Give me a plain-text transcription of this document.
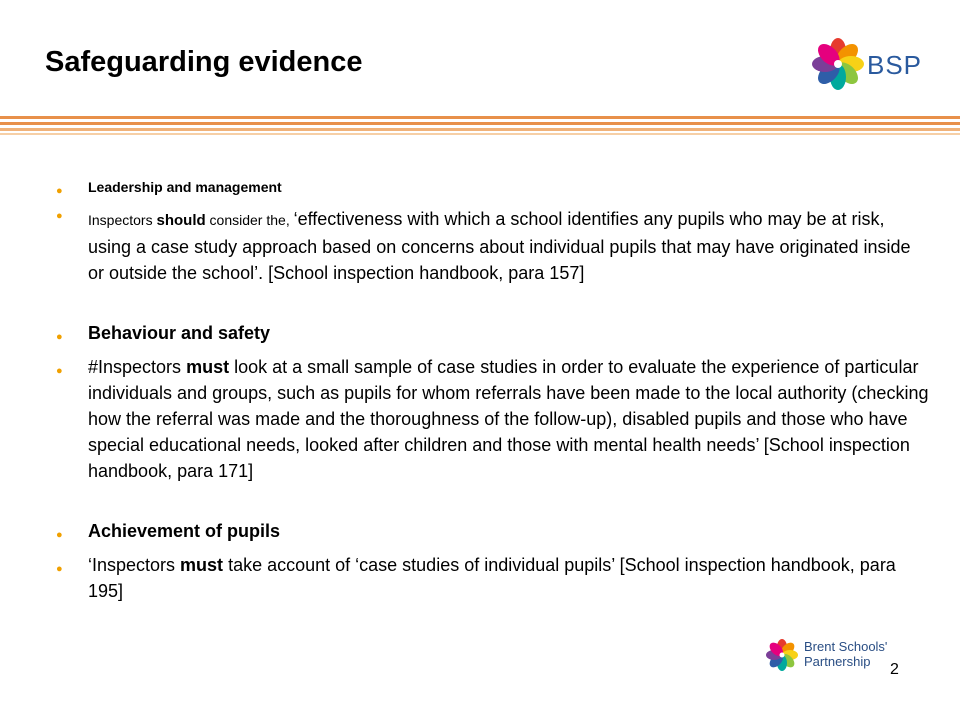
Safeguarding evidence	BSP
● Leadership and management
● Inspectors should consider the, ‘effectiveness with which a school identifies any pupils who may be at risk, using a case study approach based on concerns about individual pupils that may have originated inside or outside the school’. [School inspection handbook, para 157]
● Behaviour and safety
● #Inspectors must look at a small sample of case studies in order to evaluate the experience of particular individuals and groups, such as pupils for whom referrals have been made to the local authority (checking how the referral was made and the thoroughness of the follow-up), disabled pupils and those who have special educational needs, looked after children and those with mental health needs’ [School inspection handbook, para 171]
● Achievement of pupils
● ‘Inspectors must take account of ‘case studies of individual pupils’ [School inspection handbook, para 195]
Brent Schools'
Partnership	2
